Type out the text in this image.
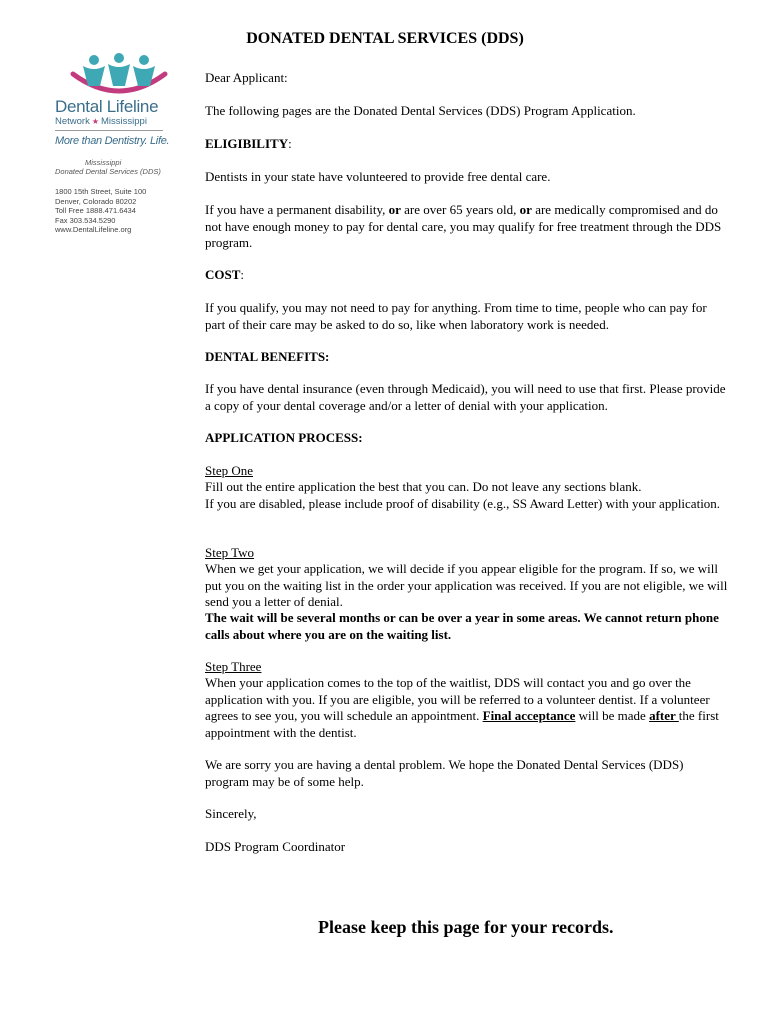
Dental Lifeline
Network ★ Mississippi
More than Dentistry. Life.
Mississippi
Donated Dental Services (DDS)
1800 15th Street, Suite 100
Denver, Colorado 80202
Toll Free 1888.471.6434
Fax 303.534.5290
www.DentalLifeline.org
DONATED DENTAL SERVICES (DDS)

Dear Applicant:

The following pages are the Donated Dental Services (DDS) Program Application.

ELIGIBILITY:

Dentists in your state have volunteered to provide free dental care.

If you have a permanent disability, or are over 65 years old, or are medically compromised and do not have enough money to pay for dental care, you may qualify for free treatment through the DDS program.

COST:

If you qualify, you may not need to pay for anything. From time to time, people who can pay for part of their care may be asked to do so, like when laboratory work is needed.

DENTAL BENEFITS:

If you have dental insurance (even through Medicaid), you will need to use that first. Please provide a copy of your dental coverage and/or a letter of denial with your application.

APPLICATION PROCESS:

Step One

Fill out the entire application the best that you can. Do not leave any sections blank.

If you are disabled, please include proof of disability (e.g., SS Award Letter) with your application.

Step Two

When we get your application, we will decide if you appear eligible for the program. If so, we will put you on the waiting list in the order your application was received. If you are not eligible, we will send you a letter of denial.

The wait will be several months or can be over a year in some areas. We cannot return phone calls about where you are on the waiting list.

Step Three

When your application comes to the top of the waitlist, DDS will contact you and go over the application with you. If you are eligible, you will be referred to a volunteer dentist. If a volunteer agrees to see you, you will schedule an appointment. Final acceptance will be made after the first appointment with the dentist.

We are sorry you are having a dental problem. We hope the Donated Dental Services (DDS) program may be of some help.

Sincerely,

DDS Program Coordinator

Please keep this page for your records.
